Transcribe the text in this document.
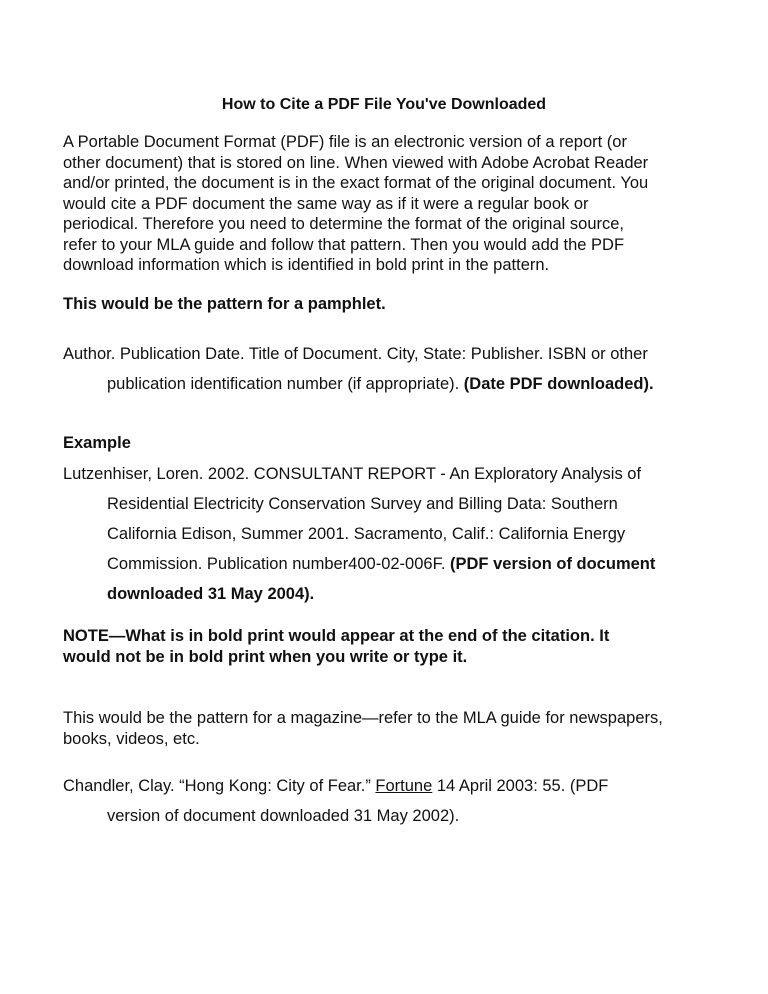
How to Cite a PDF File You've Downloaded
A Portable Document Format (PDF) file is an electronic version of a report (or
other document) that is stored on line. When viewed with Adobe Acrobat Reader
and/or printed, the document is in the exact format of the original document. You
would cite a PDF document the same way as if it were a regular book or
periodical. Therefore you need to determine the format of the original source,
refer to your MLA guide and follow that pattern. Then you would add the PDF
download information which is identified in bold print in the pattern.
This would be the pattern for a pamphlet.
Author. Publication Date. Title of Document. City, State: Publisher. ISBN or other
publication identification number (if appropriate). (Date PDF downloaded).
Example
Lutzenhiser, Loren. 2002. CONSULTANT REPORT - An Exploratory Analysis of
Residential Electricity Conservation Survey and Billing Data: Southern
California Edison, Summer 2001. Sacramento, Calif.: California Energy
Commission. Publication number400-02-006F. (PDF version of document
downloaded 31 May 2004).
NOTE—What is in bold print would appear at the end of the citation. It
would not be in bold print when you write or type it.
This would be the pattern for a magazine—refer to the MLA guide for newspapers,
books, videos, etc.
Chandler, Clay. “Hong Kong: City of Fear.” Fortune 14 April 2003: 55. (PDF
version of document downloaded 31 May 2002).
